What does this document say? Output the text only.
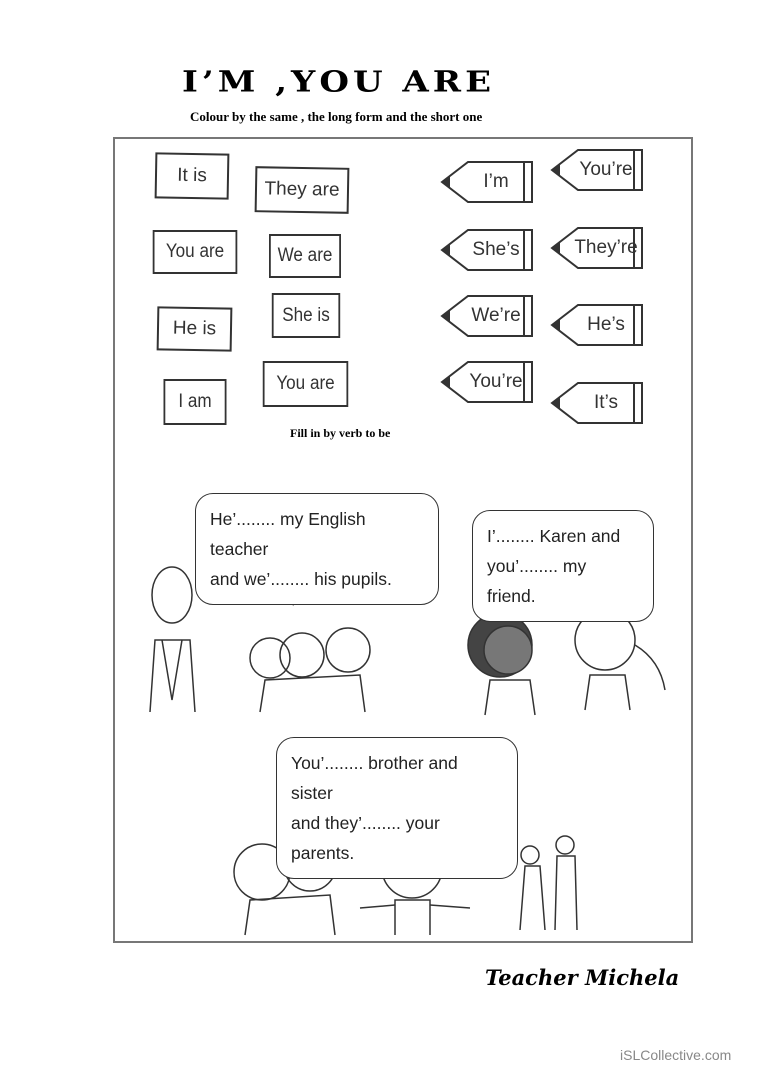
I’M ,YOU ARE
Colour by the same , the long form and the short one
It is
You are
He is
I am
They are
We are
She is
You are
I’m
She’s
We’re
You’re
You’re
They’re
He’s
It’s
Fill in by verb to be
He’........ my English teacher
and we’........ his pupils.
I’........ Karen and
you’........ my friend.
You’........ brother and sister
and they’........ your parents.
Teacher Michela
iSLCollective.com
